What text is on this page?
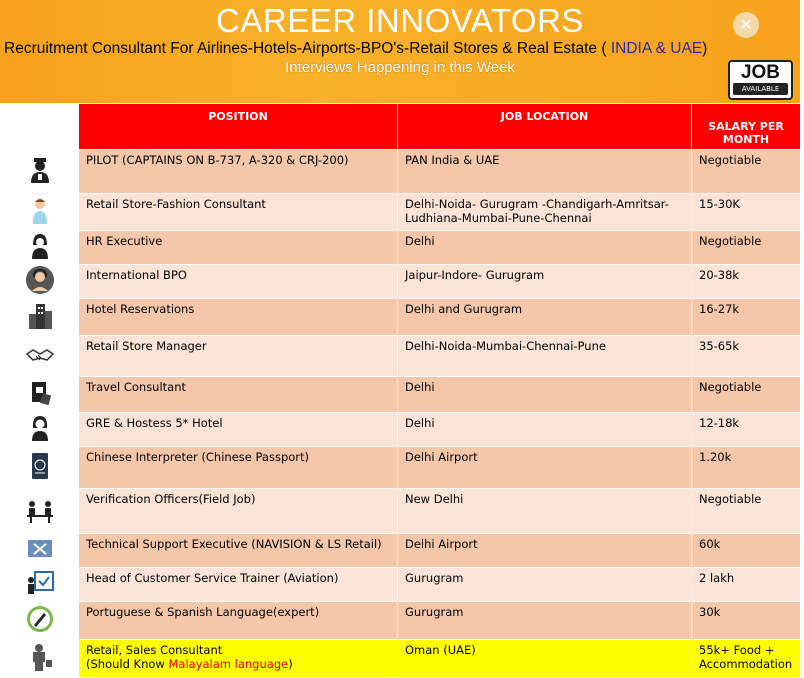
CAREER INNOVATORS
Recruitment Consultant For Airlines-Hotels-Airports-BPO's-Retail Stores & Real Estate ( INDIA & UAE)
Interviews Happening in this Week
✕
JOB
AVAILABLE
	POSITION	JOB LOCATION	SALARY PER MONTH
	PILOT (CAPTAINS ON B-737, A-320 & CRJ-200)	PAN India & UAE	Negotiable
	Retail Store-Fashion Consultant	Delhi-Noida- Gurugram -Chandigarh-Amritsar-Ludhiana-Mumbai-Pune-Chennai	15-30K
	HR Executive	Delhi	Negotiable
	International BPO	Jaipur-Indore- Gurugram	20-38k
	Hotel Reservations	Delhi and Gurugram	16-27k
	Retail Store Manager	Delhi-Noida-Mumbai-Chennai-Pune	35-65k
	Travel Consultant	Delhi	Negotiable
	GRE & Hostess 5* Hotel	Delhi	12-18k
	Chinese Interpreter (Chinese Passport)	Delhi Airport	1.20k
	Verification Officers(Field Job)	New Delhi	Negotiable
	Technical Support Executive (NAVISION & LS Retail)	Delhi Airport	60k
	Head of Customer Service Trainer (Aviation)	Gurugram	2 lakh
	Portuguese & Spanish Language(expert)	Gurugram	30k
	Retail, Sales Consultant
(Should Know Malayalam language)	Oman (UAE)	55k+ Food + Accommodation
